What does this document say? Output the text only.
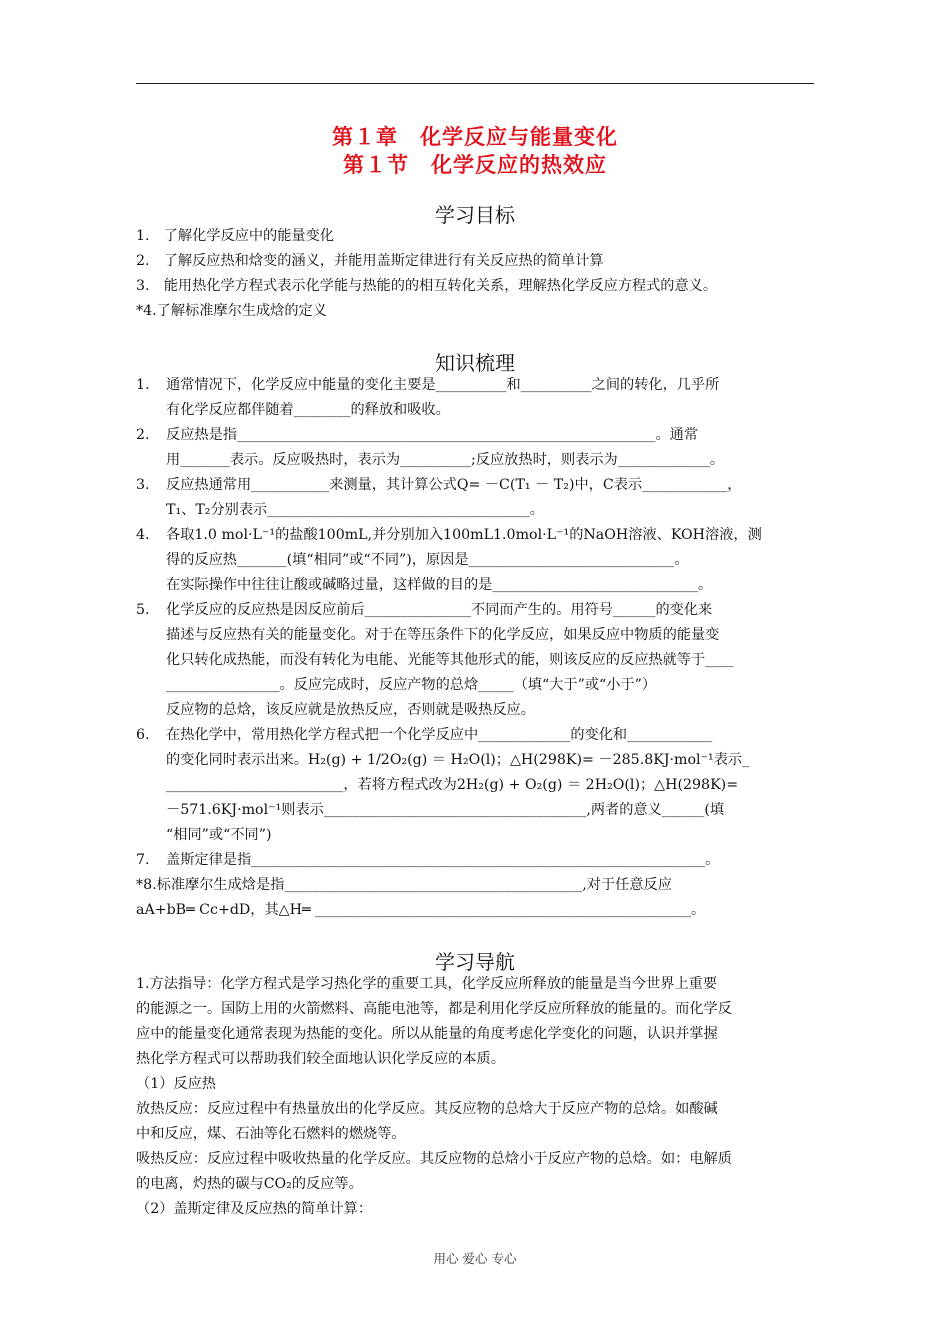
第１章　化学反应与能量变化
第１节　化学反应的热效应
学习目标
1.　了解化学反应中的能量变化
2.　了解反应热和焓变的涵义，并能用盖斯定律进行有关反应热的简单计算
3.　能用热化学方程式表示化学能与热能的的相互转化关系，理解热化学反应方程式的意义。
*4.了解标准摩尔生成焓的定义
知识梳理
1. 通常情况下，化学反应中能量的变化主要是__________和__________之间的转化，几乎所
有化学反应都伴随着________的释放和吸收。
2. 反应热是指___________________________________________________________。通常
用_______表示。反应吸热时，表示为__________;反应放热时，则表示为_____________。
3. 反应热通常用___________来测量，其计算公式Q= －C(T₁ － T₂)中，C表示____________，
T₁、T₂分别表示_____________________________________。
4. 各取1.0 mol·L⁻¹的盐酸100mL,并分别加入100mL1.0mol·L⁻¹的NaOH溶液、KOH溶液，测
得的反应热_______(填“相同”或“不同”)，原因是_____________________________。
在实际操作中往往让酸或碱略过量，这样做的目的是_____________________________。
5. 化学反应的反应热是因反应前后_______________不同而产生的。用符号______的变化来
描述与反应热有关的能量变化。对于在等压条件下的化学反应，如果反应中物质的能量变
化只转化成热能，而没有转化为电能、光能等其他形式的能，则该反应的反应热就等于____
________________。反应完成时，反应产物的总焓_____（填“大于”或“小于”）
反应物的总焓，该反应就是放热反应，否则就是吸热反应。
6. 在热化学中，常用热化学方程式把一个化学反应中_____________的变化和____________
的变化同时表示出来。H₂(g) + 1/2O₂(g) ＝ H₂O(l)；△H(298K)= －285.8KJ·mol⁻¹表示_
_________________________，若将方程式改为2H₂(g) + O₂(g) ＝ 2H₂O(l)；△H(298K)=
－571.6KJ·mol⁻¹则表示_____________________________________,两者的意义______(填
“相同”或“不同”)
7. 盖斯定律是指________________________________________________________________。
*8.标准摩尔生成焓是指__________________________________________,对于任意反应
aA+bB═ Cc+dD，其△H═ _____________________________________________________。
学习导航
1.方法指导：化学方程式是学习热化学的重要工具，化学反应所释放的能量是当今世界上重要
的能源之一。国防上用的火箭燃料、高能电池等，都是利用化学反应所释放的能量的。而化学反
应中的能量变化通常表现为热能的变化。所以从能量的角度考虑化学变化的问题，认识并掌握
热化学方程式可以帮助我们较全面地认识化学反应的本质。
（1）反应热
放热反应：反应过程中有热量放出的化学反应。其反应物的总焓大于反应产物的总焓。如酸碱
中和反应，煤、石油等化石燃料的燃烧等。
吸热反应：反应过程中吸收热量的化学反应。其反应物的总焓小于反应产物的总焓。如：电解质
的电离，灼热的碳与CO₂的反应等。
（2）盖斯定律及反应热的简单计算：
用心 爱心 专心
